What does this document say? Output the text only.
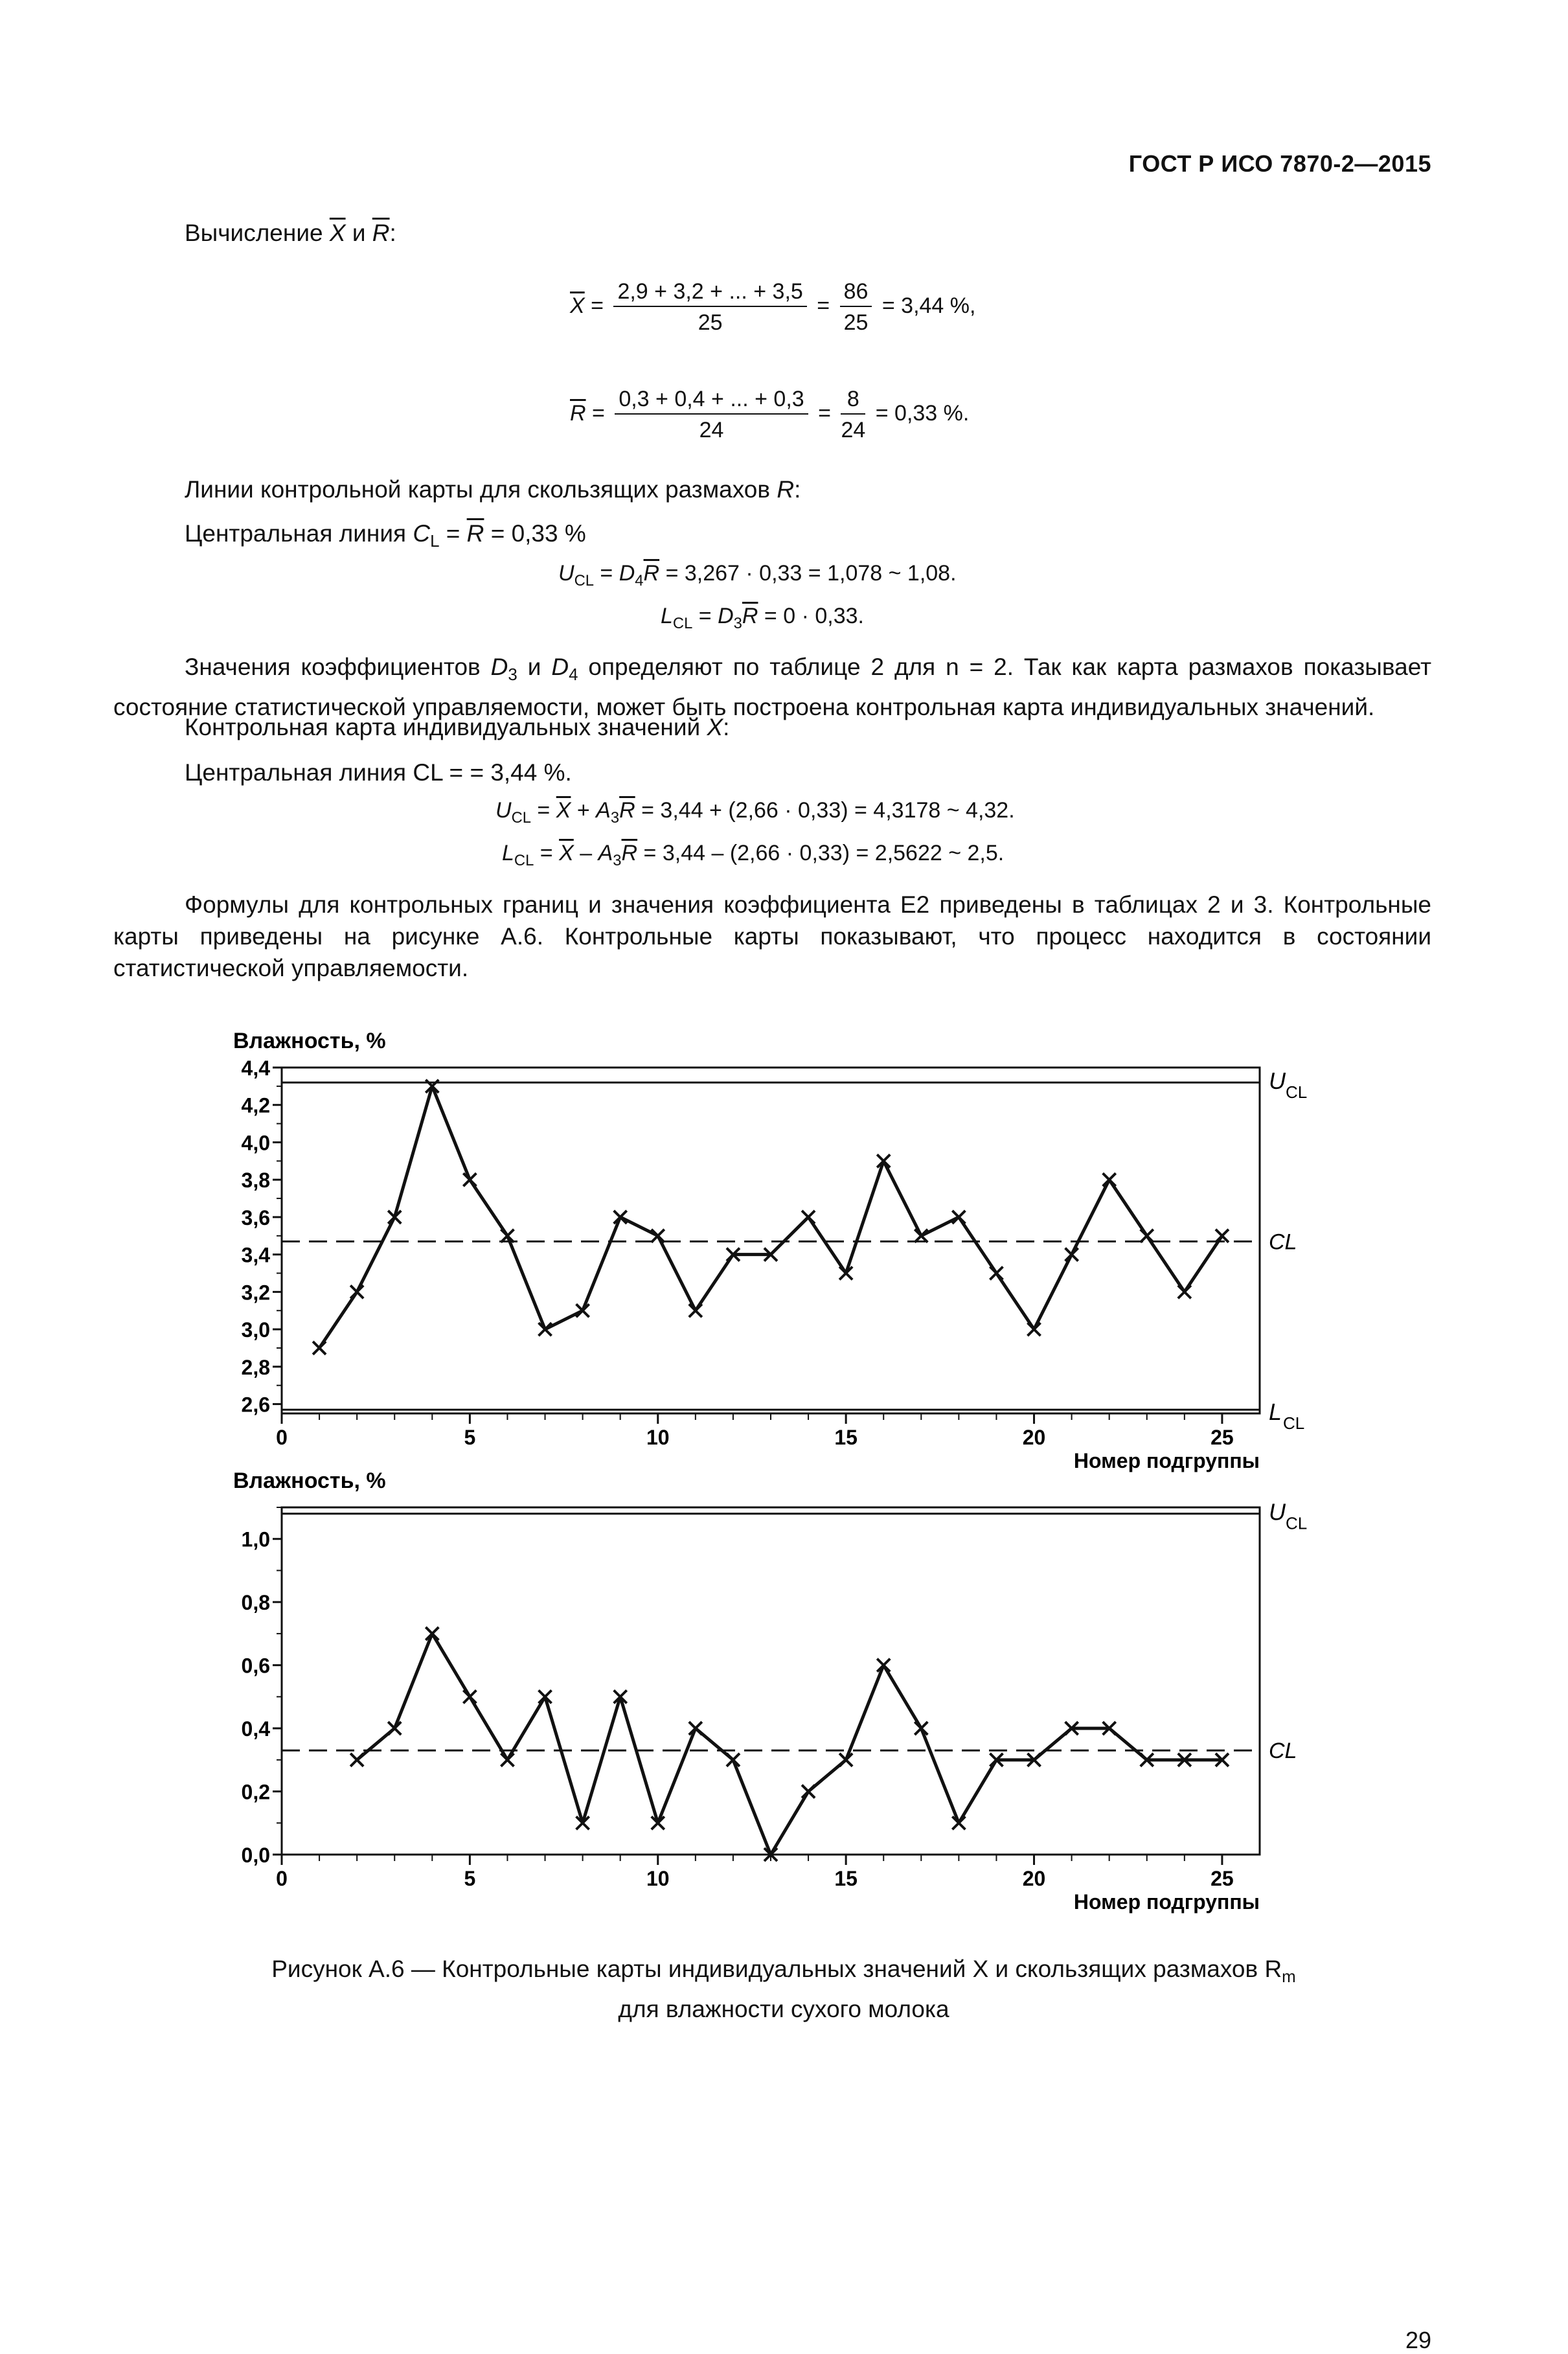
ГОСТ Р ИСО 7870-2—2015
Вычисление $\overline{X}$ и $\overline{R}$:
$\overline{X} = \frac{2,9 + 3,2 + ... + 3,5}{25} = \frac{86}{25} = 3,44$ %,
$\overline{R} = \frac{0,3 + 0,4 + ... + 0,3}{24} = \frac{8}{24} = 0,33$ %.
Линии контрольной карты для скользящих размахов R:
Центральная линия $C_L = \overline{R} = 0,33$ %
$U_{CL} = D_4\overline{R} = 3,267 \cdot 0,33 = 1,078$ ~ 1,08.
$L_{CL} = D_3\overline{R} = 0 \cdot 0,33$.
Значения коэффициентов $D_3$ и $D_4$ определяют по таблице 2 для n = 2. Так как карта размахов показывает состояние статистической управляемости, может быть построена контрольная карта индивидуальных значений.
Контрольная карта индивидуальных значений X:
Центральная линия CL = = 3,44 %.
$U_{CL} = \overline{X} + A_3\overline{R} = 3,44 + (2,66 \cdot 0,33) = 4,3178$ ~ 4,32.
$L_{CL} = \overline{X} - A_3\overline{R} = 3,44 - (2,66 \cdot 0,33) = 2,5622$ ~ 2,5.
Формулы для контрольных границ и значения коэффициента E2 приведены в таблицах 2 и 3. Контрольные карты приведены на рисунке А.6. Контрольные карты показывают, что процесс находится в состоянии статистической управляемости.
Влажность, %
2,6
2,8
3,0
3,2
3,4
3,6
3,8
4,0
4,2
4,4
0	5	10	15	20	25
Номер подгруппы
U CL
CL
L CL
Влажность, %
0,0
0,2
0,4
0,6
0,8
1,0
0	5	10	15	20	25
Номер подгруппы
U CL
CL
Рисунок А.6 — Контрольные карты индивидуальных значений X и скользящих размахов $R_m$
для влажности сухого молока
29
